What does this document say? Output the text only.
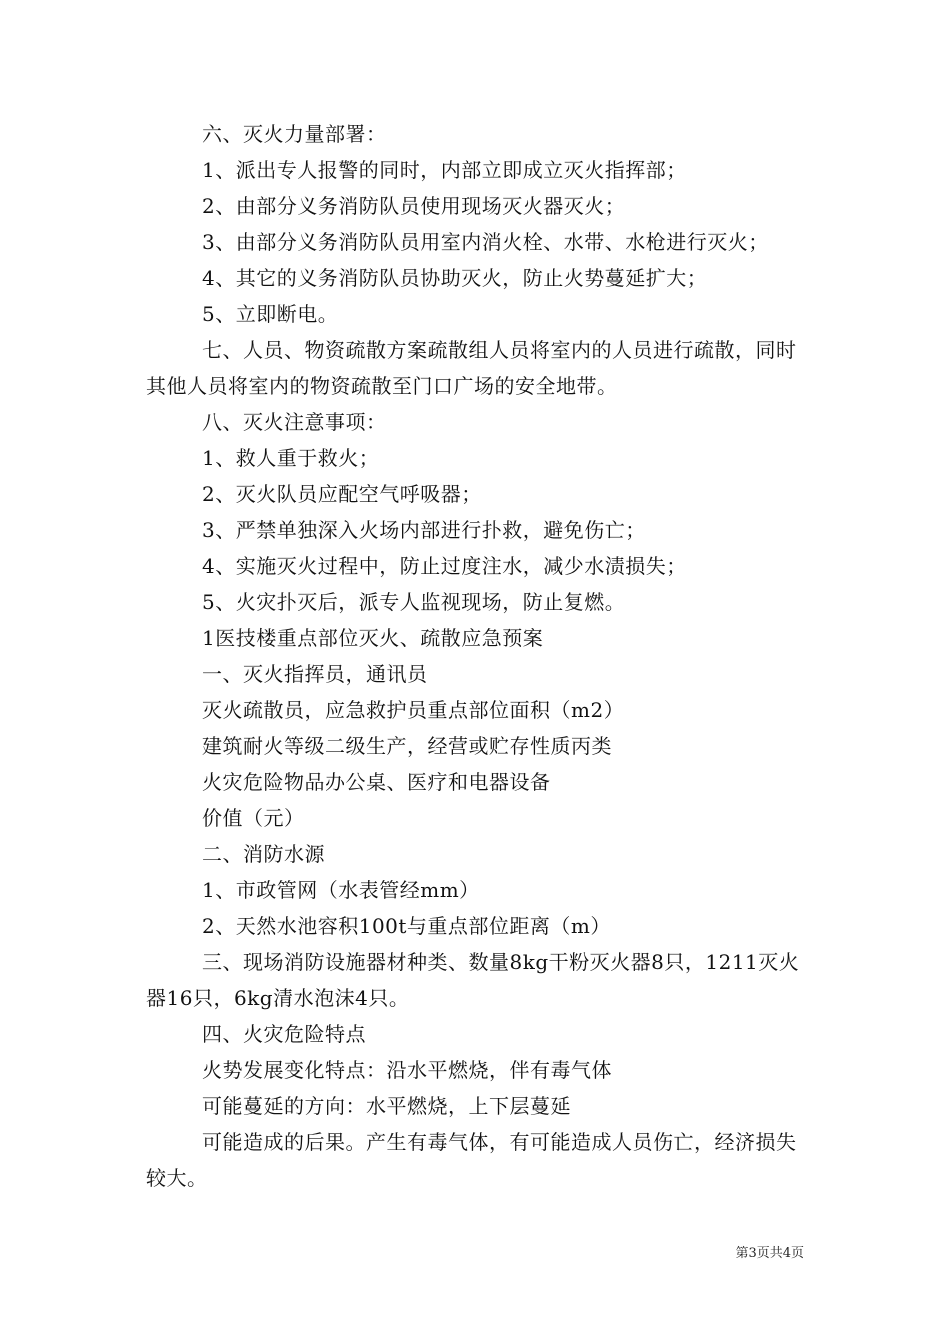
六、灭火力量部署：

1、派出专人报警的同时，内部立即成立灭火指挥部；

2、由部分义务消防队员使用现场灭火器灭火；

3、由部分义务消防队员用室内消火栓、水带、水枪进行灭火；

4、其它的义务消防队员协助灭火，防止火势蔓延扩大；

5、立即断电。

七、人员、物资疏散方案疏散组人员将室内的人员进行疏散，同时其他人员将室内的物资疏散至门口广场的安全地带。

八、灭火注意事项：

1、救人重于救火；

2、灭火队员应配空气呼吸器；

3、严禁单独深入火场内部进行扑救，避免伤亡；

4、实施灭火过程中，防止过度注水，减少水渍损失；

5、火灾扑灭后，派专人监视现场，防止复燃。

1医技楼重点部位灭火、疏散应急预案

一、灭火指挥员，通讯员

灭火疏散员，应急救护员重点部位面积（m2）

建筑耐火等级二级生产，经营或贮存性质丙类

火灾危险物品办公桌、医疗和电器设备

价值（元）

二、消防水源

1、市政管网（水表管经mm）

2、天然水池容积100t与重点部位距离（m）

三、现场消防设施器材种类、数量8kg干粉灭火器8只，1211灭火器16只，6kg清水泡沫4只。

四、火灾危险特点

火势发展变化特点：沿水平燃烧，伴有毒气体

可能蔓延的方向：水平燃烧，上下层蔓延

可能造成的后果。产生有毒气体，有可能造成人员伤亡，经济损失较大。

第3页共4页
